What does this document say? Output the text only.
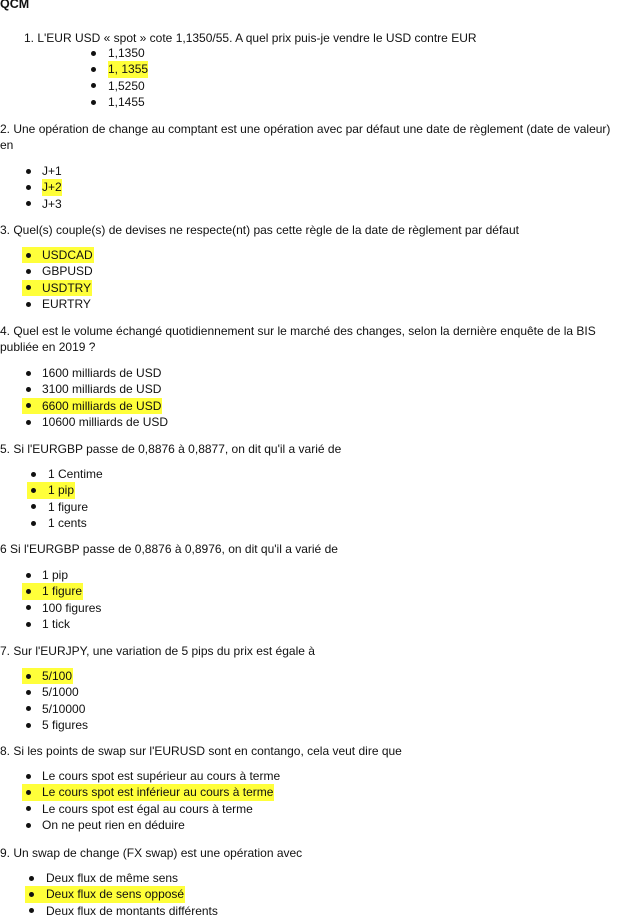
QCM
1. L'EUR USD « spot » cote 1,1350/55. A quel prix puis-je vendre le USD contre EUR
1,1350
1, 1355
1,5250
1,1455
2. Une opération de change au comptant est une opération avec par défaut une date de règlement (date de valeur) en
J+1
J+2
J+3
3. Quel(s) couple(s) de devises ne respecte(nt) pas cette règle de la date de règlement par défaut
USDCAD
GBPUSD
USDTRY
EURTRY
4. Quel est le volume échangé quotidiennement sur le marché des changes, selon la dernière enquête de la BIS publiée en 2019 ?
1600 milliards de USD
3100 milliards de USD
6600 milliards de USD
10600 milliards de USD
5. Si l'EURGBP passe de 0,8876 à 0,8877, on dit qu'il a varié de
1 Centime
1 pip
1 figure
1 cents
6 Si l'EURGBP passe de 0,8876 à 0,8976, on dit qu'il a varié de
1 pip
1 figure
100 figures
1 tick
7. Sur l'EURJPY, une variation de 5 pips du prix est égale à
5/100
5/1000
5/10000
5 figures
8. Si les points de swap sur l'EURUSD sont en contango, cela veut dire que
Le cours spot est supérieur au cours à terme
Le cours spot est inférieur au cours à terme
Le cours spot est égal au cours à terme
On ne peut rien en déduire
9. Un swap de change (FX swap) est une opération avec
Deux flux de même sens
Deux flux de sens opposé
Deux flux de montants différents
